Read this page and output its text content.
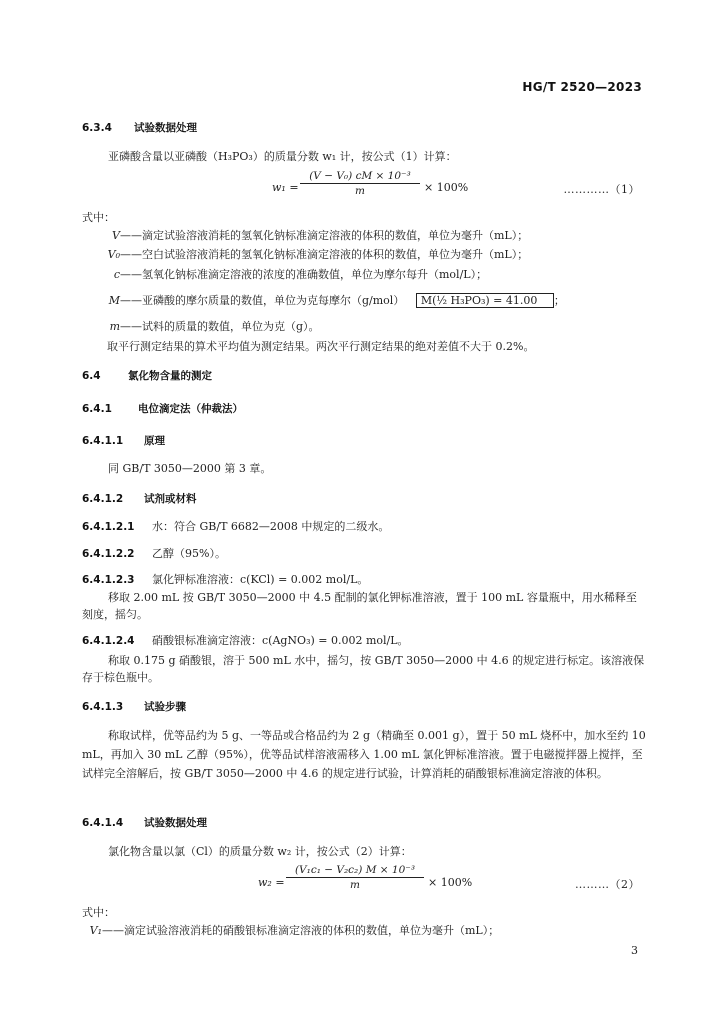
HG/T 2520—2023
6.3.4 试验数据处理
亚磷酸含量以亚磷酸（H₃PO₃）的质量分数 w₁ 计，按公式（1）计算：
w₁ =
(V − V₀) cM × 10⁻³
m	× 100%	…………（1）
式中：
V——滴定试验溶液消耗的氢氧化钠标准滴定溶液的体积的数值，单位为毫升（mL）；
V₀——空白试验溶液消耗的氢氧化钠标准滴定溶液的体积的数值，单位为毫升（mL）；
c——氢氧化钠标准滴定溶液的浓度的准确数值，单位为摩尔每升（mol/L）；
M——亚磷酸的摩尔质量的数值，单位为克每摩尔（g/mol） M(½ H₃PO₃) = 41.00 ；
m——试料的质量的数值，单位为克（g）。
取平行测定结果的算术平均值为测定结果。两次平行测定结果的绝对差值不大于 0.2%。
6.4	氯化物含量的测定
6.4.1 电位滴定法（仲裁法）
6.4.1.1 原理
同 GB/T 3050—2000 第 3 章。
6.4.1.2 试剂或材料
6.4.1.2.1 水：符合 GB/T 6682—2008 中规定的二级水。
6.4.1.2.2 乙醇（95%）。
6.4.1.2.3 氯化钾标准溶液：c(KCl) = 0.002 mol/L。
移取 2.00 mL 按 GB/T 3050—2000 中 4.5 配制的氯化钾标准溶液，置于 100 mL 容量瓶中，用水稀释至刻度，摇匀。
6.4.1.2.4 硝酸银标准滴定溶液：c(AgNO₃) = 0.002 mol/L。
称取 0.175 g 硝酸银，溶于 500 mL 水中，摇匀，按 GB/T 3050—2000 中 4.6 的规定进行标定。该溶液保存于棕色瓶中。
6.4.1.3 试验步骤
称取试样，优等品约为 5 g、一等品或合格品约为 2 g（精确至 0.001 g），置于 50 mL 烧杯中，加水至约 10 mL，再加入 30 mL 乙醇（95%），优等品试样溶液需移入 1.00 mL 氯化钾标准溶液。置于电磁搅拌器上搅拌，至试样完全溶解后，按 GB/T 3050—2000 中 4.6 的规定进行试验，计算消耗的硝酸银标准滴定溶液的体积。
6.4.1.4 试验数据处理
氯化物含量以氯（Cl）的质量分数 w₂ 计，按公式（2）计算：
w₂ =
(V₁c₁ − V₂c₂) M × 10⁻³
m	× 100%	………（2）
式中：
V₁——滴定试验溶液消耗的硝酸银标准滴定溶液的体积的数值，单位为毫升（mL）；
3
